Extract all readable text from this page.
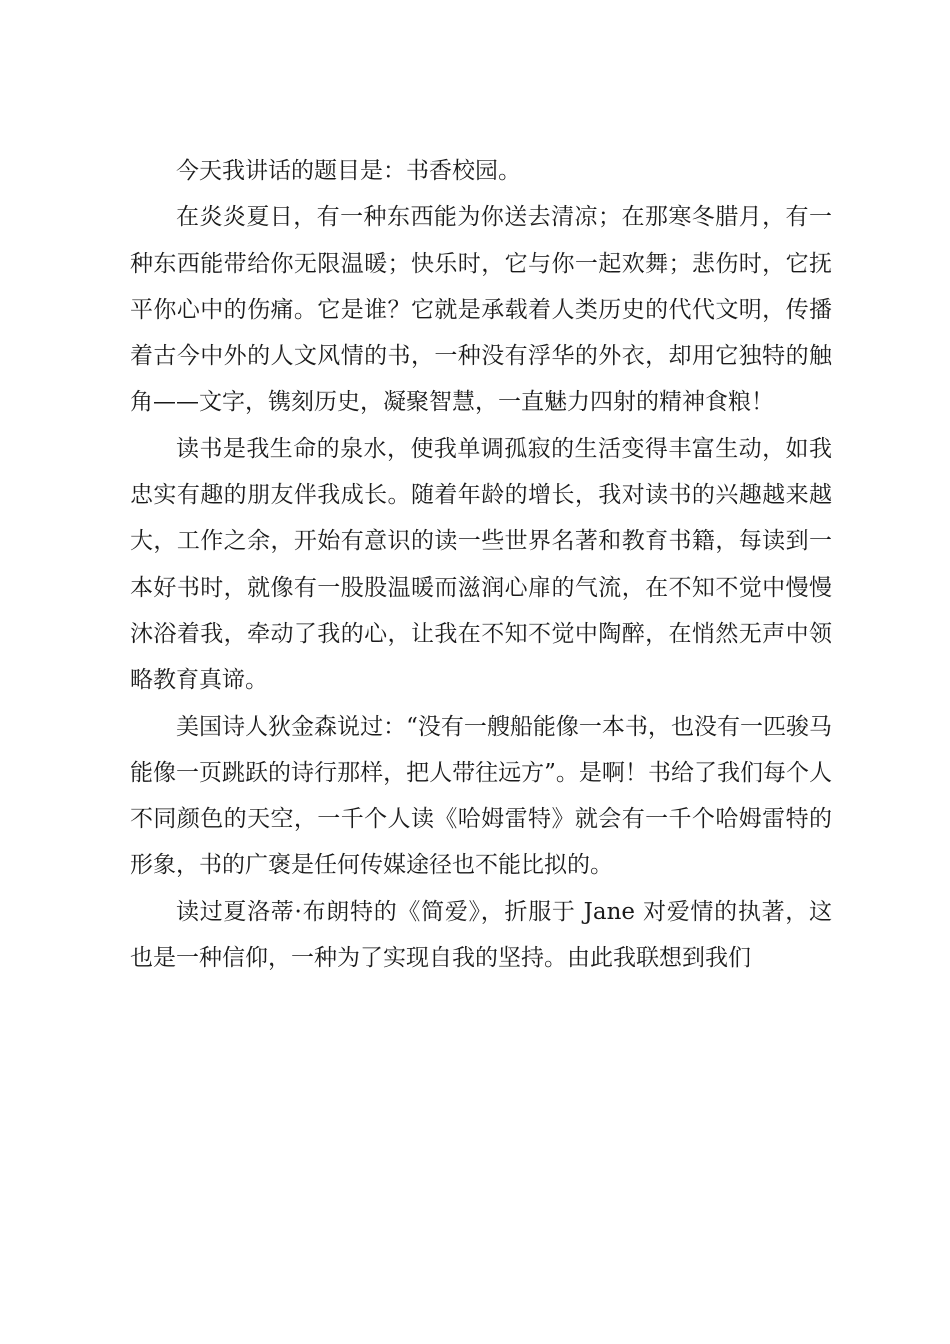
今天我讲话的题目是：书香校园。

在炎炎夏日，有一种东西能为你送去清凉；在那寒冬腊月，有一种东西能带给你无限温暖；快乐时，它与你一起欢舞；悲伤时，它抚平你心中的伤痛。它是谁？它就是承载着人类历史的代代文明，传播着古今中外的人文风情的书，一种没有浮华的外衣，却用它独特的触角——文字，镌刻历史，凝聚智慧，一直魅力四射的精神食粮！

读书是我生命的泉水，使我单调孤寂的生活变得丰富生动，如我忠实有趣的朋友伴我成长。随着年龄的增长，我对读书的兴趣越来越大，工作之余，开始有意识的读一些世界名著和教育书籍，每读到一本好书时，就像有一股股温暖而滋润心扉的气流，在不知不觉中慢慢沐浴着我，牵动了我的心，让我在不知不觉中陶醉，在悄然无声中领略教育真谛。

美国诗人狄金森说过：“没有一艘船能像一本书，也没有一匹骏马能像一页跳跃的诗行那样，把人带往远方”。是啊！书给了我们每个人不同颜色的天空，一千个人读《哈姆雷特》就会有一千个哈姆雷特的形象，书的广褒是任何传媒途径也不能比拟的。

读过夏洛蒂·布朗特的《简爱》，折服于 Jane 对爱情的执著，这也是一种信仰，一种为了实现自我的坚持。由此我联想到我们
